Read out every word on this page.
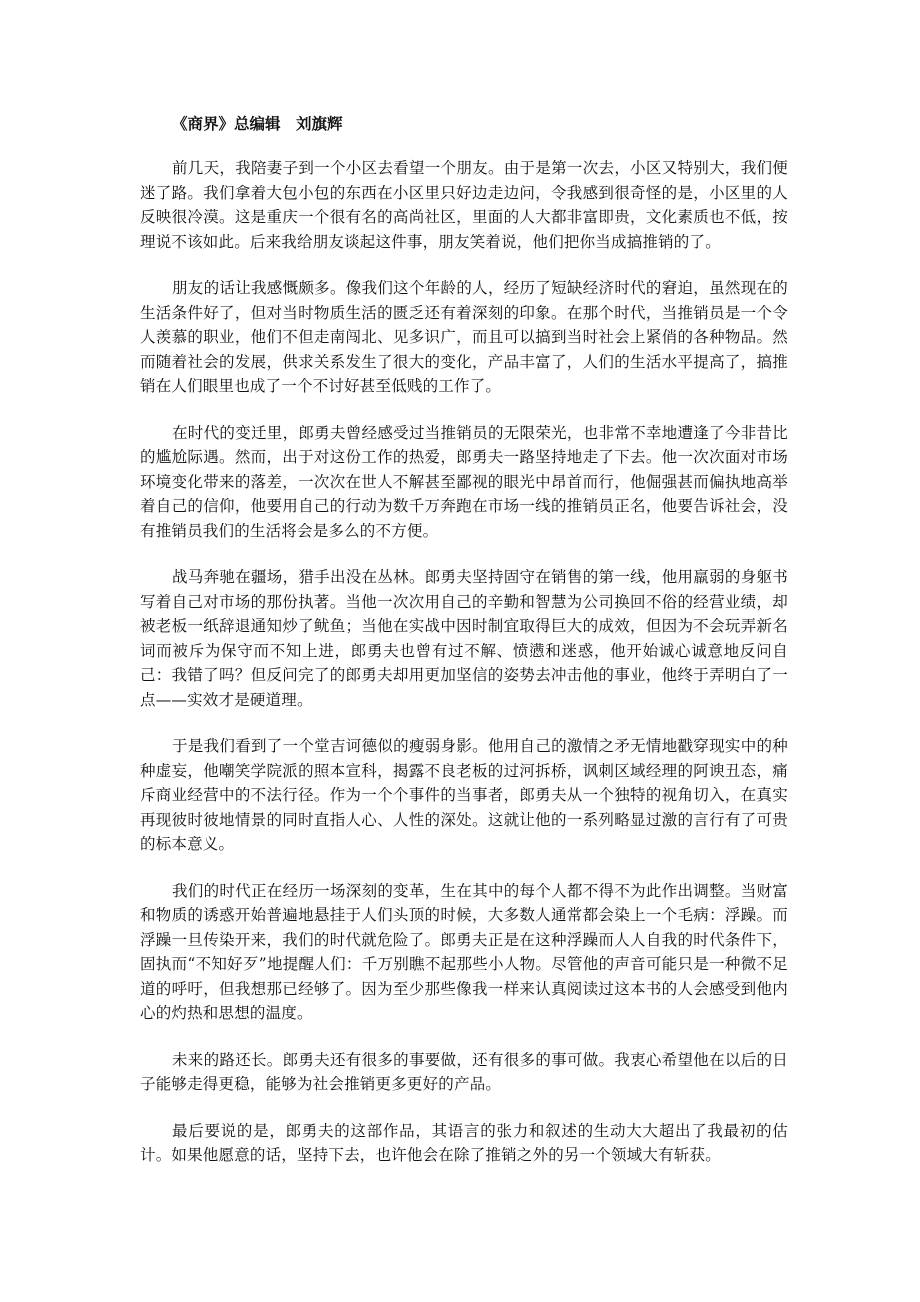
《商界》总编辑　刘旗辉

前几天，我陪妻子到一个小区去看望一个朋友。由于是第一次去，小区又特别大，我们便迷了路。我们拿着大包小包的东西在小区里只好边走边问，令我感到很奇怪的是，小区里的人反映很冷漠。这是重庆一个很有名的高尚社区，里面的人大都非富即贵，文化素质也不低，按理说不该如此。后来我给朋友谈起这件事，朋友笑着说，他们把你当成搞推销的了。

朋友的话让我感慨颇多。像我们这个年龄的人，经历了短缺经济时代的窘迫，虽然现在的生活条件好了，但对当时物质生活的匮乏还有着深刻的印象。在那个时代，当推销员是一个令人羡慕的职业，他们不但走南闯北、见多识广，而且可以搞到当时社会上紧俏的各种物品。然而随着社会的发展，供求关系发生了很大的变化，产品丰富了，人们的生活水平提高了，搞推销在人们眼里也成了一个不讨好甚至低贱的工作了。

在时代的变迁里，郎勇夫曾经感受过当推销员的无限荣光，也非常不幸地遭逢了今非昔比的尴尬际遇。然而，出于对这份工作的热爱，郎勇夫一路坚持地走了下去。他一次次面对市场环境变化带来的落差，一次次在世人不解甚至鄙视的眼光中昂首而行，他倔强甚而偏执地高举着自己的信仰，他要用自己的行动为数千万奔跑在市场一线的推销员正名，他要告诉社会，没有推销员我们的生活将会是多么的不方便。

战马奔驰在疆场，猎手出没在丛林。郎勇夫坚持固守在销售的第一线，他用羸弱的身躯书写着自己对市场的那份执著。当他一次次用自己的辛勤和智慧为公司换回不俗的经营业绩，却被老板一纸辞退通知炒了鱿鱼；当他在实战中因时制宜取得巨大的成效，但因为不会玩弄新名词而被斥为保守而不知上进，郎勇夫也曾有过不解、愤懑和迷惑，他开始诚心诚意地反问自己：我错了吗？但反问完了的郎勇夫却用更加坚信的姿势去冲击他的事业，他终于弄明白了一点——实效才是硬道理。

于是我们看到了一个堂吉诃德似的瘦弱身影。他用自己的激情之矛无情地戳穿现实中的种种虚妄，他嘲笑学院派的照本宣科，揭露不良老板的过河拆桥，讽刺区域经理的阿谀丑态，痛斥商业经营中的不法行径。作为一个个事件的当事者，郎勇夫从一个独特的视角切入，在真实再现彼时彼地情景的同时直指人心、人性的深处。这就让他的一系列略显过激的言行有了可贵的标本意义。

我们的时代正在经历一场深刻的变革，生在其中的每个人都不得不为此作出调整。当财富和物质的诱惑开始普遍地悬挂于人们头顶的时候，大多数人通常都会染上一个毛病：浮躁。而浮躁一旦传染开来，我们的时代就危险了。郎勇夫正是在这种浮躁而人人自我的时代条件下，固执而“不知好歹”地提醒人们：千万别瞧不起那些小人物。尽管他的声音可能只是一种微不足道的呼吁，但我想那已经够了。因为至少那些像我一样来认真阅读过这本书的人会感受到他内心的灼热和思想的温度。

未来的路还长。郎勇夫还有很多的事要做，还有很多的事可做。我衷心希望他在以后的日子能够走得更稳，能够为社会推销更多更好的产品。

最后要说的是，郎勇夫的这部作品，其语言的张力和叙述的生动大大超出了我最初的估计。如果他愿意的话，坚持下去，也许他会在除了推销之外的另一个领域大有斩获。
